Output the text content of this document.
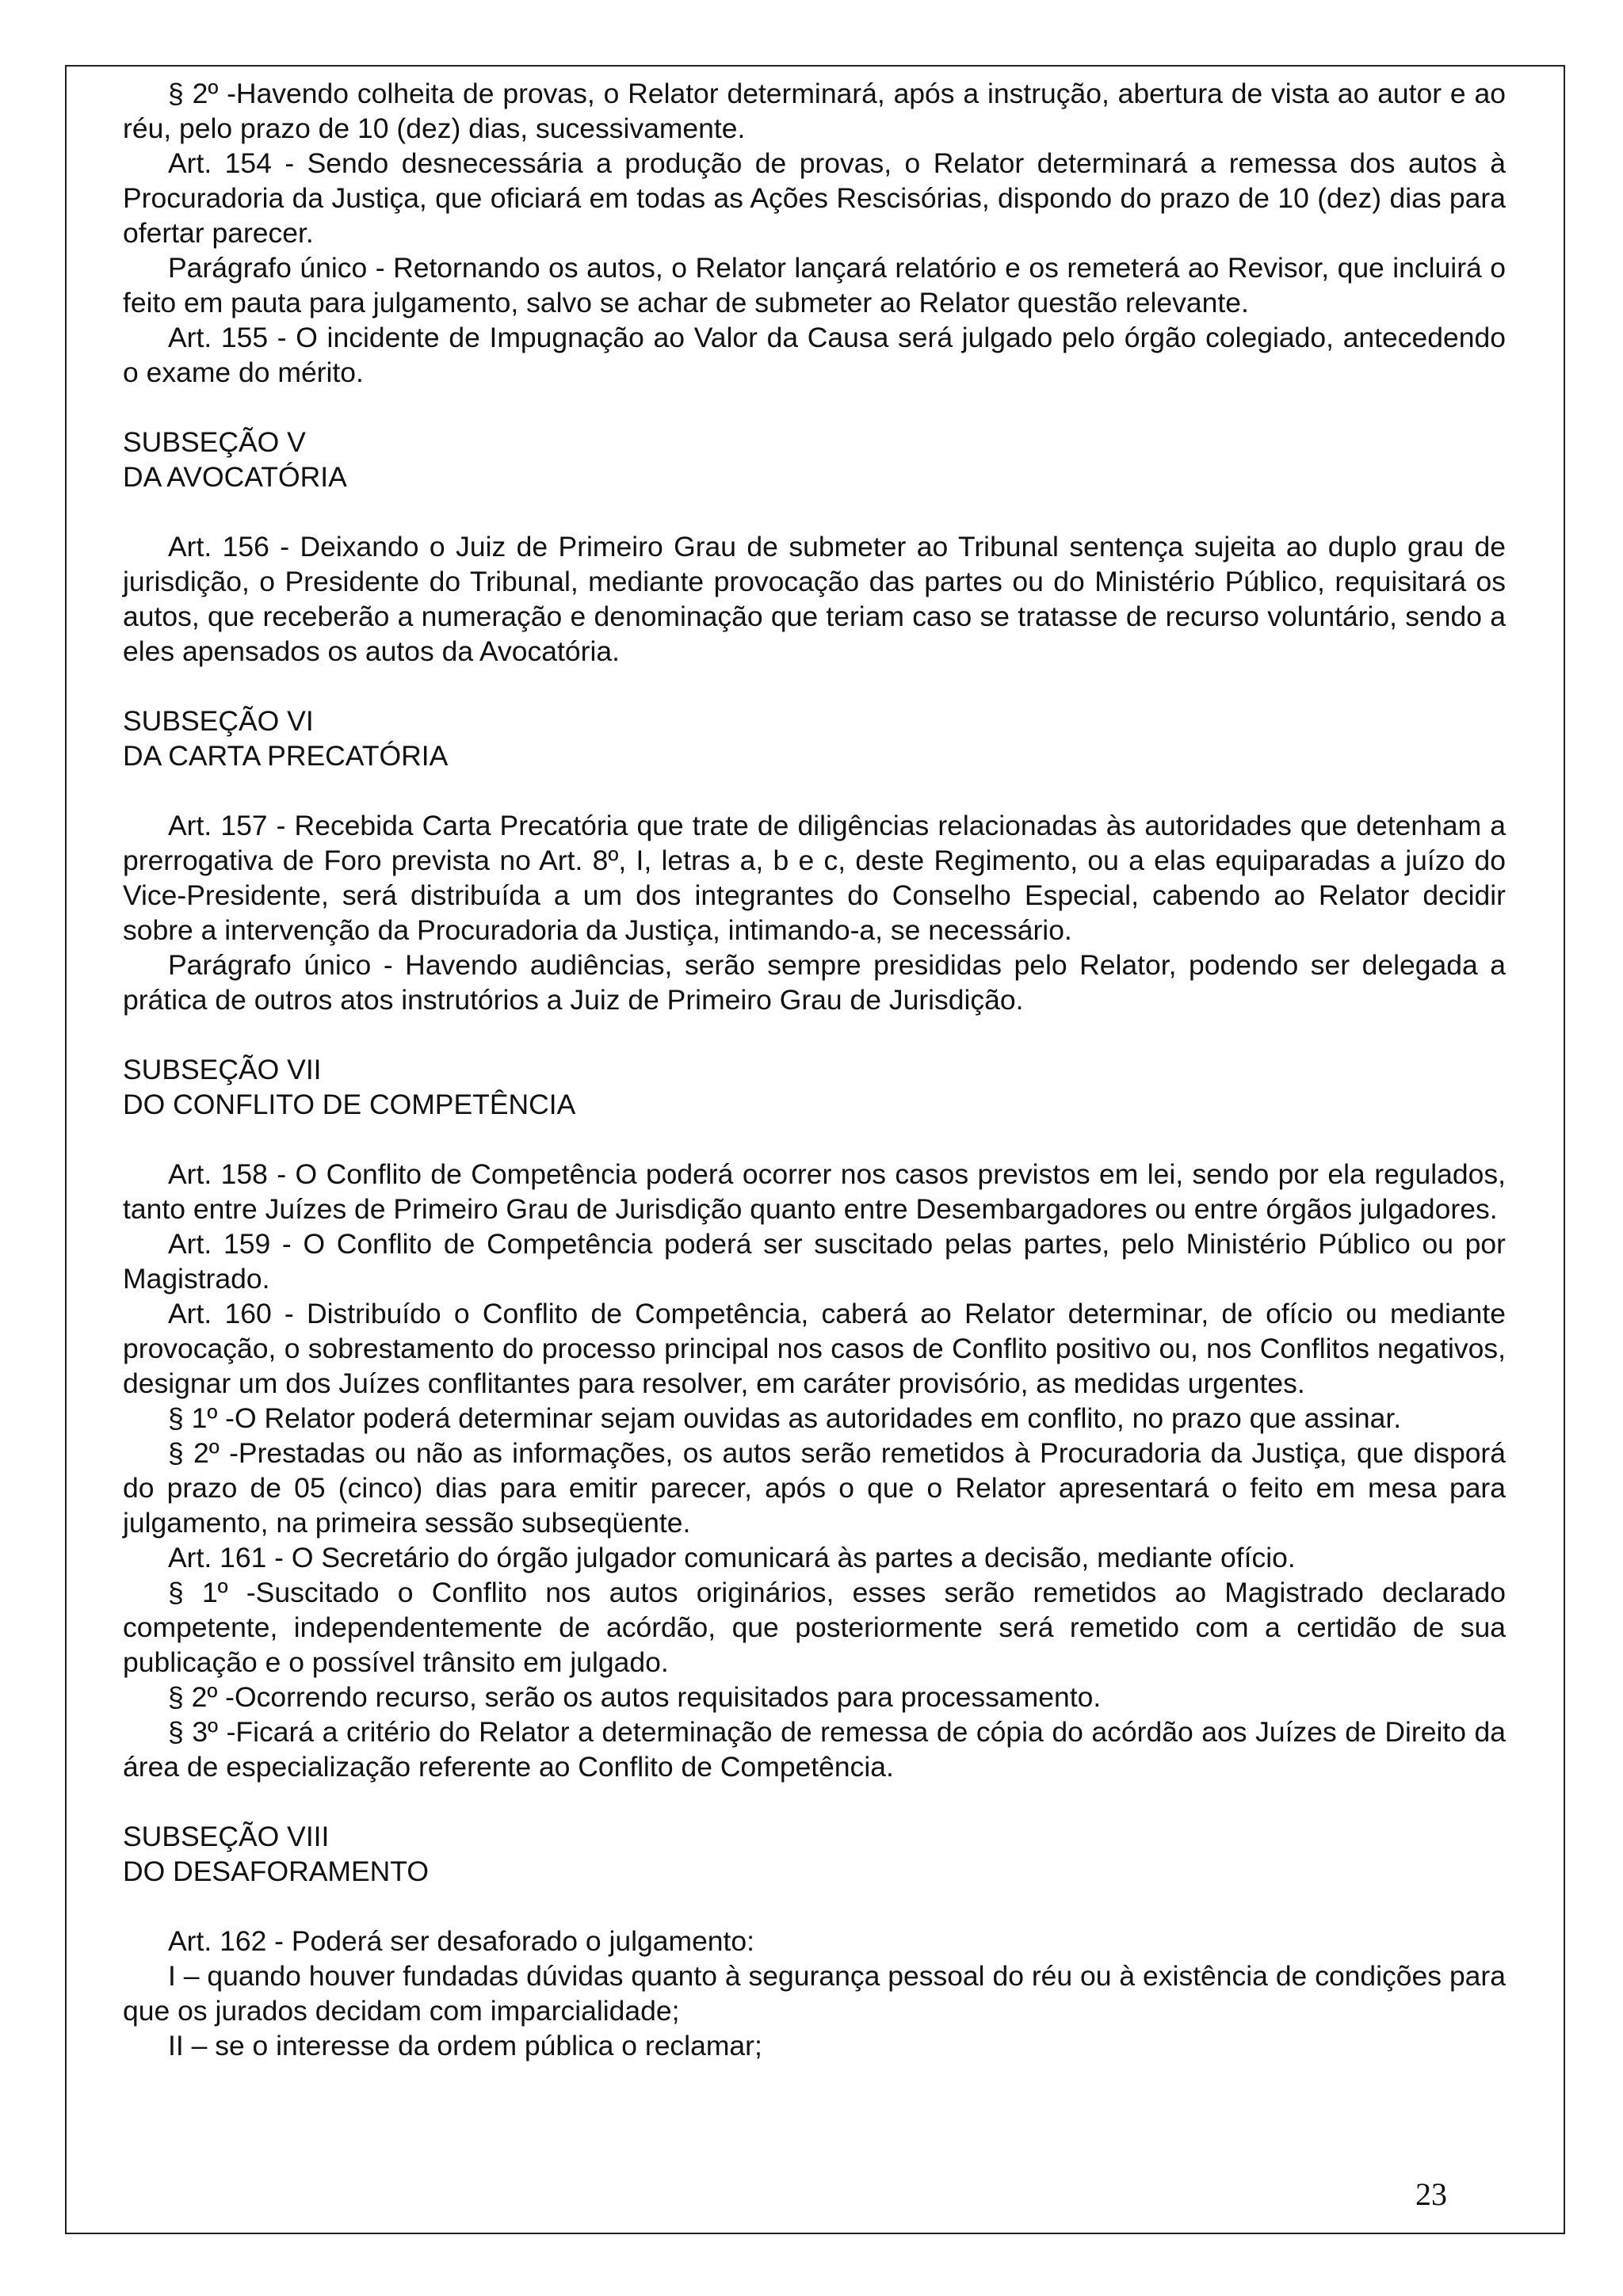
§ 2º -Havendo colheita de provas, o Relator determinará, após a instrução, abertura de vista ao autor e ao réu, pelo prazo de 10 (dez) dias, sucessivamente.

Art. 154 - Sendo desnecessária a produção de provas, o Relator determinará a remessa dos autos à Procuradoria da Justiça, que oficiará em todas as Ações Rescisórias, dispondo do prazo de 10 (dez) dias para ofertar parecer.

Parágrafo único - Retornando os autos, o Relator lançará relatório e os remeterá ao Revisor, que incluirá o feito em pauta para julgamento, salvo se achar de submeter ao Relator questão relevante.

Art. 155 - O incidente de Impugnação ao Valor da Causa será julgado pelo órgão colegiado, antecedendo o exame do mérito.

SUBSEÇÃO V

DA AVOCATÓRIA

Art. 156 - Deixando o Juiz de Primeiro Grau de submeter ao Tribunal sentença sujeita ao duplo grau de jurisdição, o Presidente do Tribunal, mediante provocação das partes ou do Ministério Público, requisitará os autos, que receberão a numeração e denominação que teriam caso se tratasse de recurso voluntário, sendo a eles apensados os autos da Avocatória.

SUBSEÇÃO VI

DA CARTA PRECATÓRIA

Art. 157 - Recebida Carta Precatória que trate de diligências relacionadas às autoridades que detenham a prerrogativa de Foro prevista no Art. 8º, I, letras a, b e c, deste Regimento, ou a elas equiparadas a juízo do Vice-Presidente, será distribuída a um dos integrantes do Conselho Especial, cabendo ao Relator decidir sobre a intervenção da Procuradoria da Justiça, intimando-a, se necessário.

Parágrafo único - Havendo audiências, serão sempre presididas pelo Relator, podendo ser delegada a prática de outros atos instrutórios a Juiz de Primeiro Grau de Jurisdição.

SUBSEÇÃO VII

DO CONFLITO DE COMPETÊNCIA

Art. 158 - O Conflito de Competência poderá ocorrer nos casos previstos em lei, sendo por ela regulados, tanto entre Juízes de Primeiro Grau de Jurisdição quanto entre Desembargadores ou entre órgãos julgadores.

Art. 159 - O Conflito de Competência poderá ser suscitado pelas partes, pelo Ministério Público ou por Magistrado.

Art. 160 - Distribuído o Conflito de Competência, caberá ao Relator determinar, de ofício ou mediante provocação, o sobrestamento do processo principal nos casos de Conflito positivo ou, nos Conflitos negativos, designar um dos Juízes conflitantes para resolver, em caráter provisório, as medidas urgentes.

§ 1º -O Relator poderá determinar sejam ouvidas as autoridades em conflito, no prazo que assinar.

§ 2º -Prestadas ou não as informações, os autos serão remetidos à Procuradoria da Justiça, que disporá do prazo de 05 (cinco) dias para emitir parecer, após o que o Relator apresentará o feito em mesa para julgamento, na primeira sessão subseqüente.

Art. 161 - O Secretário do órgão julgador comunicará às partes a decisão, mediante ofício.

§ 1º -Suscitado o Conflito nos autos originários, esses serão remetidos ao Magistrado declarado competente, independentemente de acórdão, que posteriormente será remetido com a certidão de sua publicação e o possível trânsito em julgado.

§ 2º -Ocorrendo recurso, serão os autos requisitados para processamento.

§ 3º -Ficará a critério do Relator a determinação de remessa de cópia do acórdão aos Juízes de Direito da área de especialização referente ao Conflito de Competência.

SUBSEÇÃO VIII

DO DESAFORAMENTO

Art. 162 - Poderá ser desaforado o julgamento:

I – quando houver fundadas dúvidas quanto à segurança pessoal do réu ou à existência de condições para que os jurados decidam com imparcialidade;

II – se o interesse da ordem pública o reclamar;

23
